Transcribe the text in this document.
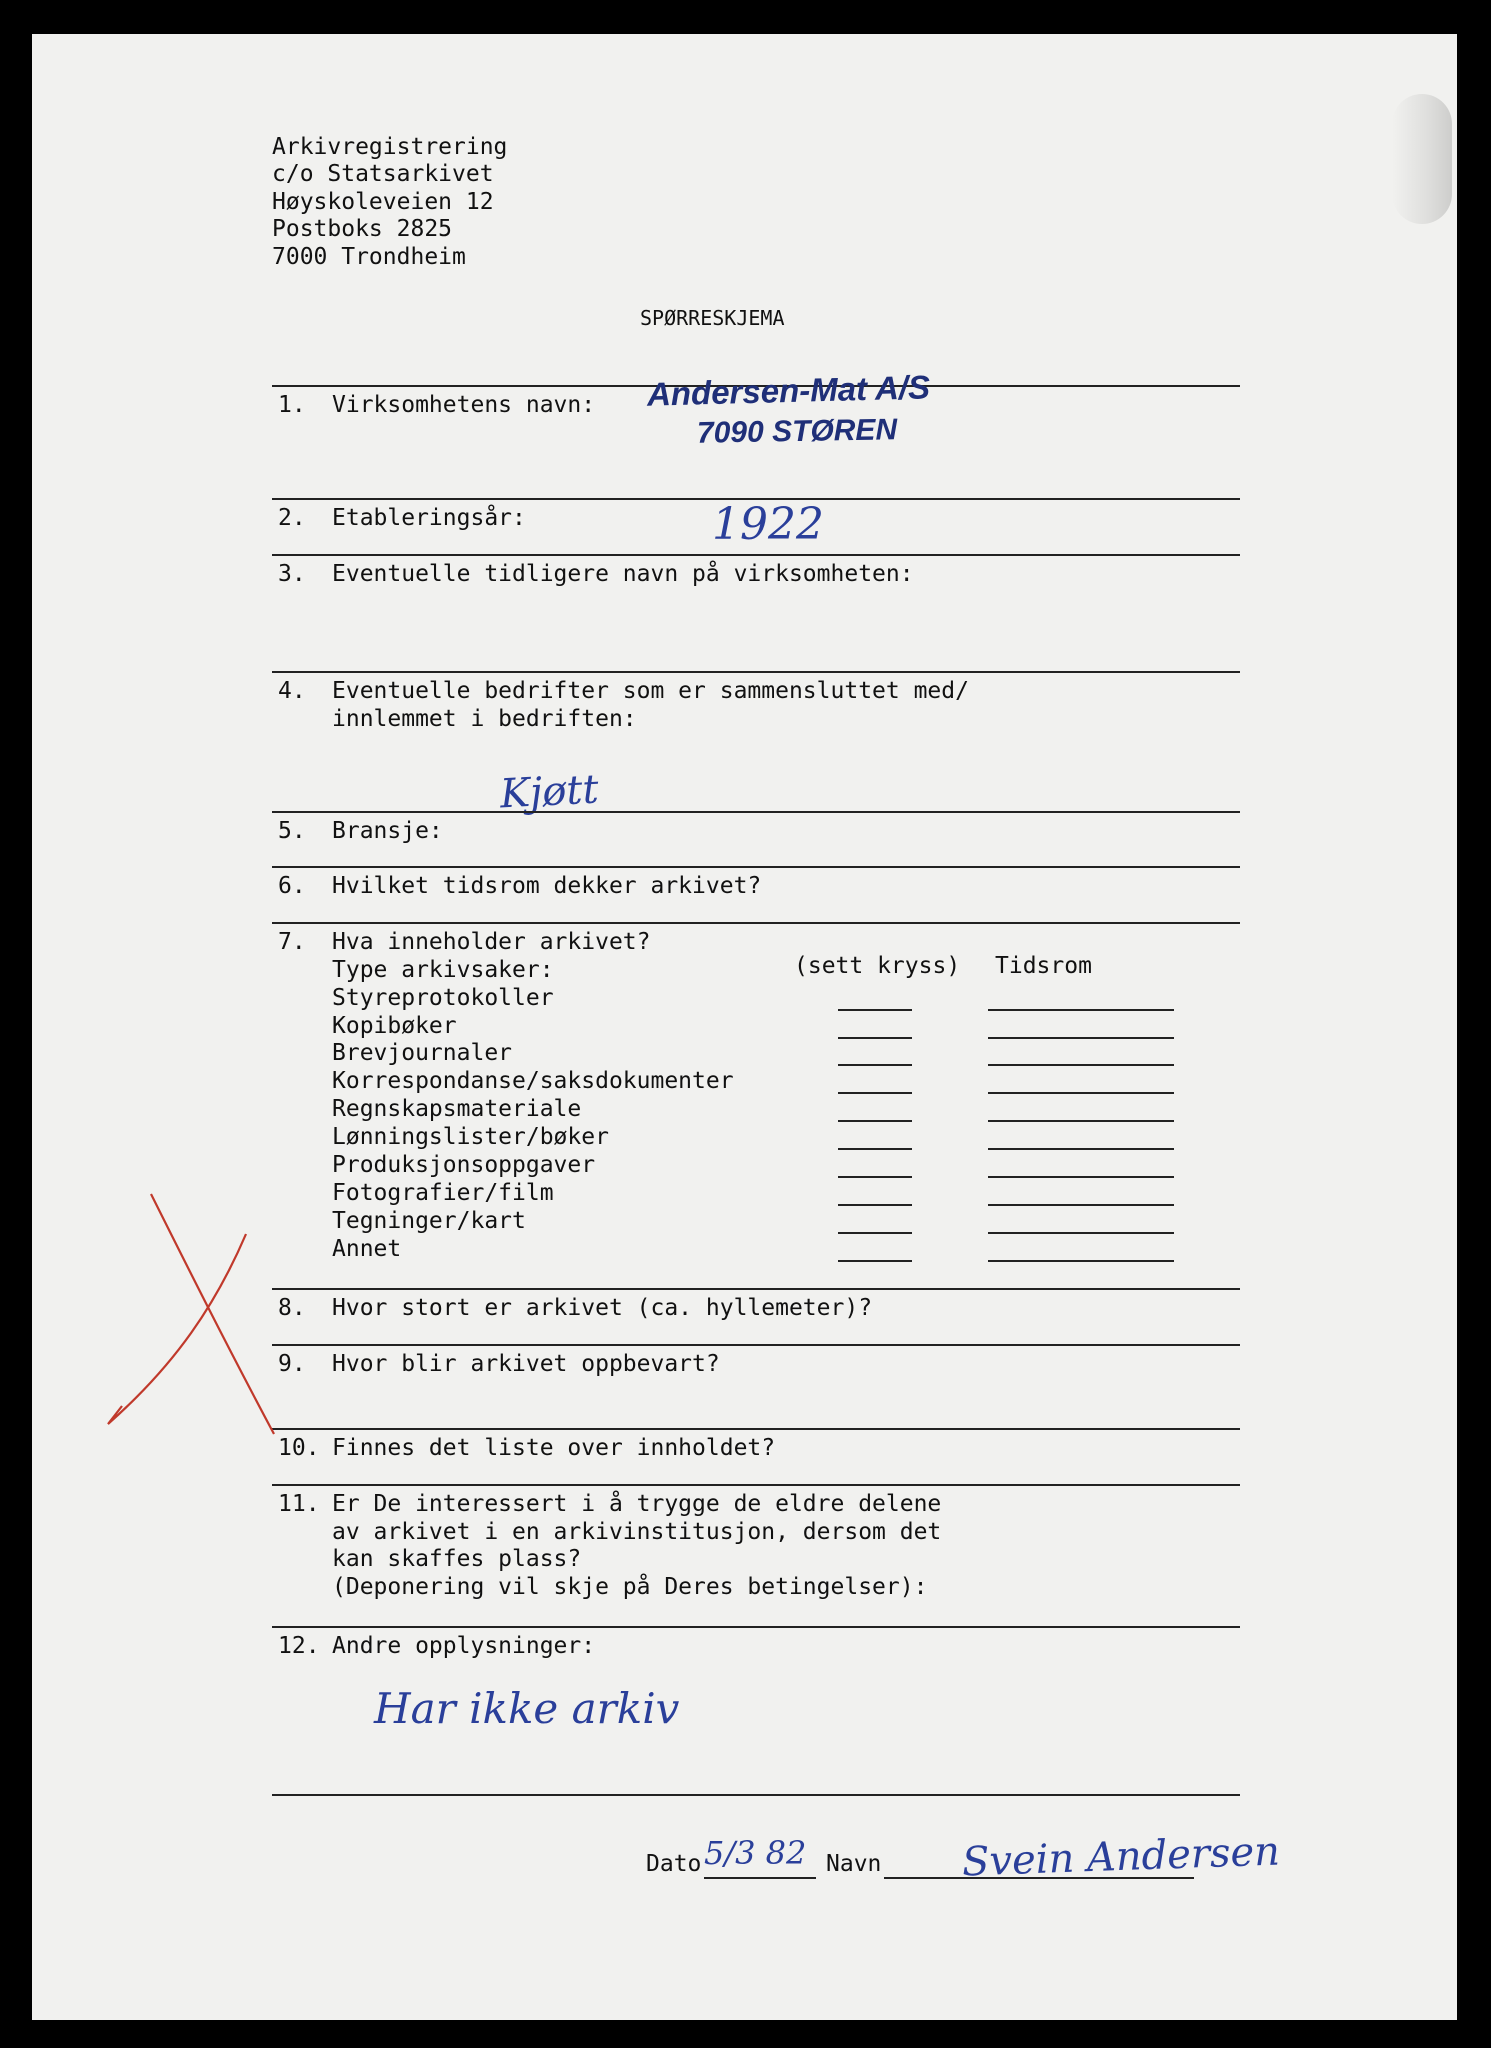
Arkivregistrering
c/o Statsarkivet
Høyskoleveien 12
Postboks 2825
7000 Trondheim
SPØRRESKJEMA
1. Virksomhetens navn: Andersen-Mat A/S
7090 STØREN
2. Etableringsår:	1922
3. Eventuelle tidligere navn på virksomheten:
4. Eventuelle bedrifter som er sammensluttet med/
innlemmet i bedriften:
Kjøtt
5. Bransje:
6. Hvilket tidsrom dekker arkivet?
7. Hva inneholder arkivet?
Type arkivsaker:	(sett kryss) Tidsrom
Styreprotokoller
Kopibøker
Brevjournaler
Korrespondanse/saksdokumenter
Regnskapsmateriale
Lønningslister/bøker
Produksjonsoppgaver
Fotografier/film
Tegninger/kart
Annet
8. Hvor stort er arkivet (ca. hyllemeter)?
9. Hvor blir arkivet oppbevart?
10. Finnes det liste over innholdet?
11. Er De interessert i å trygge de eldre delene
av arkivet i en arkivinstitusjon, dersom det
kan skaffes plass?
(Deponering vil skje på Deres betingelser):
12. Andre opplysninger:
Har ikke arkiv
Dato 5/3 82 Navn Svein Andersen
